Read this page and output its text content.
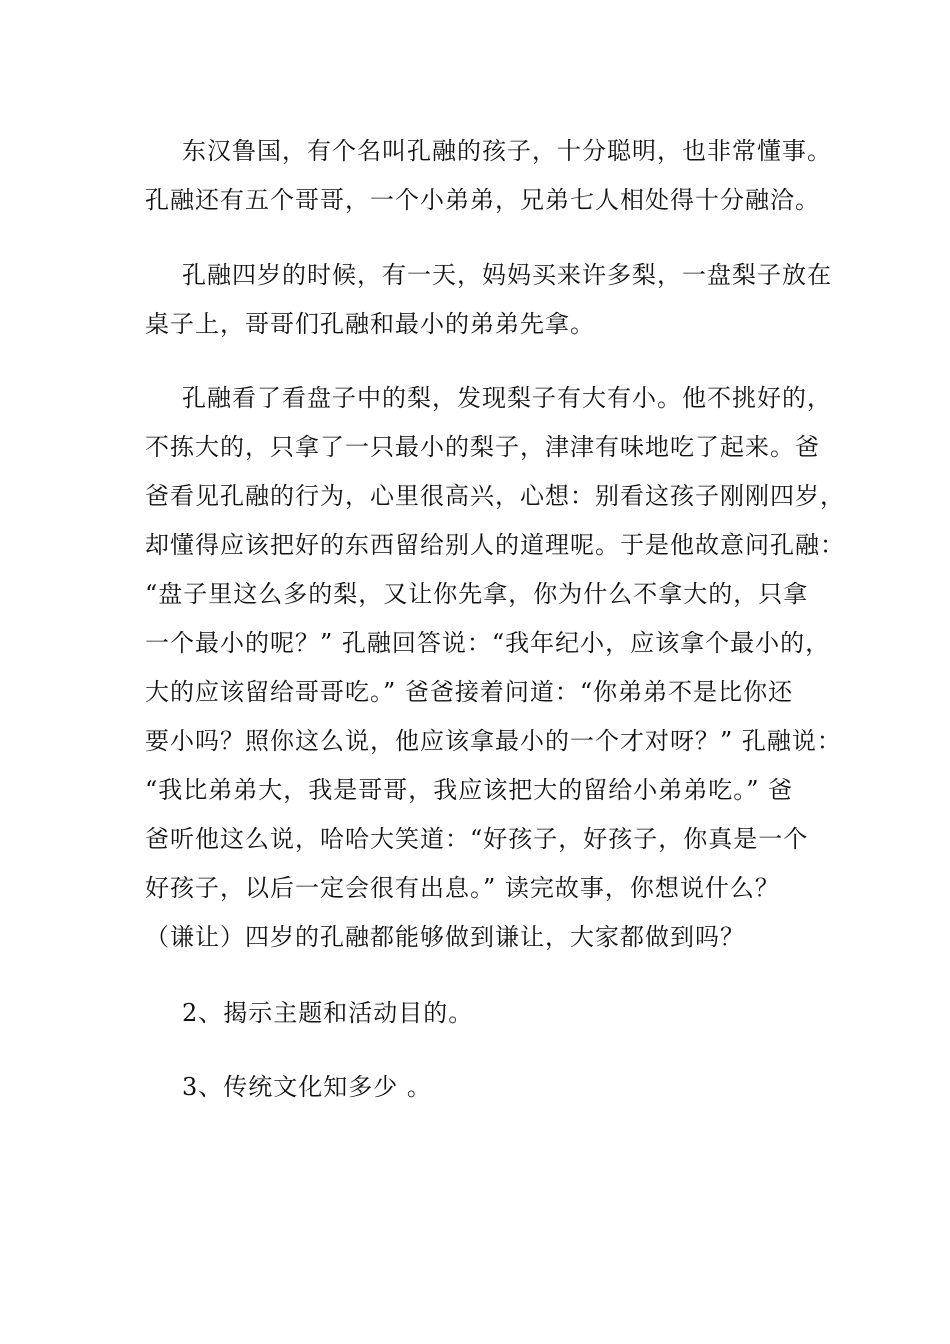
东汉鲁国，有个名叫孔融的孩子，十分聪明，也非常懂事。
孔融还有五个哥哥，一个小弟弟，兄弟七人相处得十分融洽。
孔融四岁的时候，有一天，妈妈买来许多梨，一盘梨子放在
桌子上，哥哥们孔融和最小的弟弟先拿。
孔融看了看盘子中的梨，发现梨子有大有小。他不挑好的，
不拣大的，只拿了一只最小的梨子，津津有味地吃了起来。爸
爸看见孔融的行为，心里很高兴，心想：别看这孩子刚刚四岁，
却懂得应该把好的东西留给别人的道理呢。于是他故意问孔融：
“盘子里这么多的梨，又让你先拿，你为什么不拿大的，只拿
一个最小的呢？” 孔融回答说：“我年纪小，应该拿个最小的，
大的应该留给哥哥吃。” 爸爸接着问道：“你弟弟不是比你还
要小吗？照你这么说，他应该拿最小的一个才对呀？” 孔融说：
“我比弟弟大，我是哥哥，我应该把大的留给小弟弟吃。” 爸
爸听他这么说，哈哈大笑道：“好孩子，好孩子，你真是一个
好孩子，以后一定会很有出息。” 读完故事，你想说什么？
（谦让）四岁的孔融都能够做到谦让，大家都做到吗？
2、揭示主题和活动目的。
3、传统文化知多少 。
